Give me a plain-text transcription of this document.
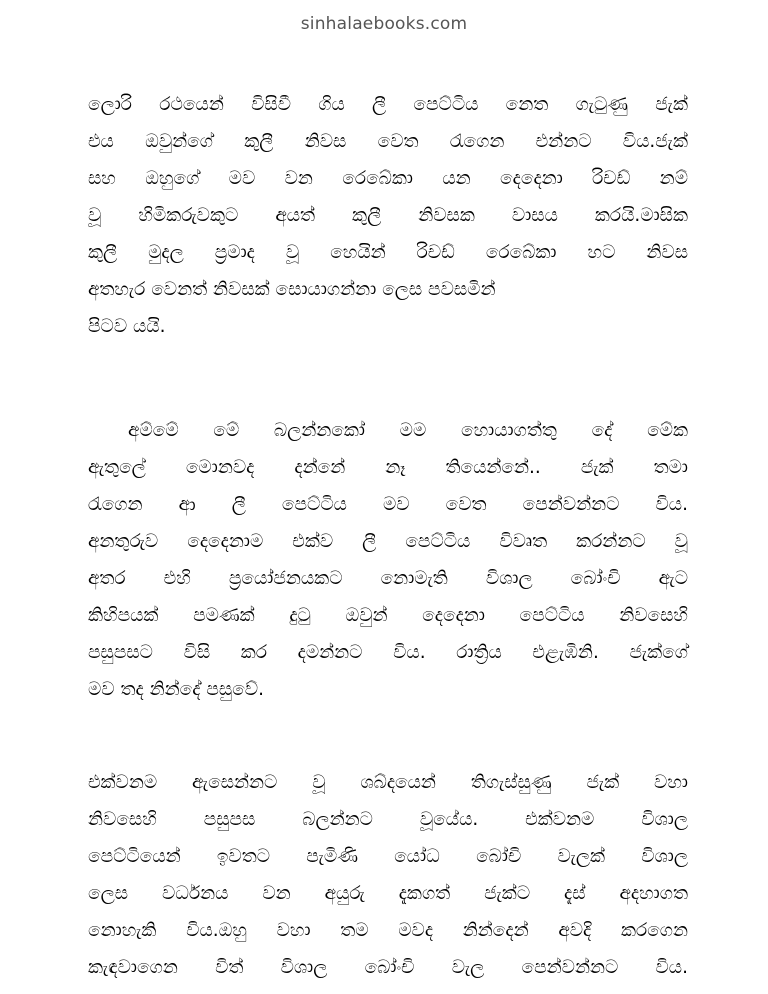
sinhalaebooks.com
ලොරි රථයෙන් විසිවී ගිය ලී පෙට්ටිය නෙත ගැටුණු ජැක්
එය ඔවුන්ගේ කුලී නිවස වෙත රැගෙන එන්නට විය.ජැක්
සහ ඔහුගේ මව වන රෙබේකා යන දෙදෙනා රිචඩ් නම්
වූ හිමිකරුවකුට අයත් කුලී නිවසක වාසය කරයි.මාසික
කුලී මුදල ප්‍රමාද වූ හෙයින් රිචඩ් රෙබේකා හට නිවස
අතහැර වෙනත් නිවසක් සොයාගන්නා ලෙස පවසමින්
පිටව යයි.
අම්මේ මේ බලන්නකෝ මම හොයාගත්තු දේ මේක
ඇතුලේ මොනවද දන්නේ නෑ තියෙන්නේ.. ජැක් තමා
රැගෙන ආ ලී පෙට්ටිය මව වෙත පෙන්වන්නට විය.
අනතුරුව දෙදෙනාම එක්ව ලී පෙට්ටිය විවෘත කරන්නට වූ
අතර එහි ප්‍රයෝජනයකට නොමැති විශාල බෝංචි ඇට
කිහිපයක් පමණක් දුටු ඔවුන් දෙදෙනා පෙට්ටිය නිවසෙහි
පසුපසට විසි කර දමන්නට විය. රාත්‍රිය එළැඹිනි. ජැක්ගේ
මව තද නින්දේ පසුවේ.
එක්වනම ඇසෙන්නට වූ ශබ්දයෙන් තිගැස්සුණු ජැක් වහා
නිවසෙහි පසුපස බලන්නට වූයේය. එක්වනම විශාල
පෙට්ටියෙන් ඉවතට පැමිණි යෝධ බෝචි වැලක් විශාල
ලෙස වර්ධනය වන අයුරු දැකගත් ජැක්ට දැස් අදහාගත
නොහැකි විය.ඔහු වහා තම මවද නින්දෙන් අවදි කරගෙන
කැඳවාගෙන විත් විශාල බෝංචි වැල පෙන්වන්නට විය.
